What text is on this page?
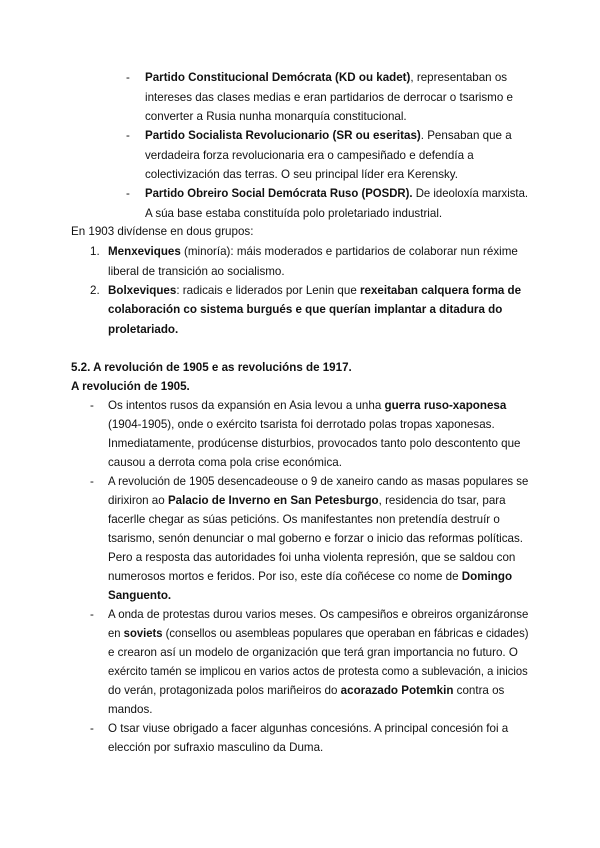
- Partido Constitucional Demócrata (KD ou kadet), representaban os
intereses das clases medias e eran partidarios de derrocar o tsarismo e
converter a Rusia nunha monarquía constitucional.
- Partido Socialista Revolucionario (SR ou eseritas). Pensaban que a
verdadeira forza revolucionaria era o campesiñado e defendía a
colectivización das terras. O seu principal líder era Kerensky.
- Partido Obreiro Social Demócrata Ruso (POSDR). De ideoloxía marxista.
A súa base estaba constituída polo proletariado industrial.
En 1903 divídense en dous grupos:
1. Menxeviques (minoría): máis moderados e partidarios de colaborar nun réxime
liberal de transición ao socialismo.
2. Bolxeviques: radicais e liderados por Lenin que rexeitaban calquera forma de
colaboración co sistema burgués e que querían implantar a ditadura do
proletariado.
5.2. A revolución de 1905 e as revolucións de 1917.
A revolución de 1905.
- Os intentos rusos da expansión en Asia levou a unha guerra ruso-xaponesa
(1904-1905), onde o exército tsarista foi derrotado polas tropas xaponesas.
Inmediatamente, prodúcense disturbios, provocados tanto polo descontento que
causou a derrota coma pola crise económica.
- A revolución de 1905 desencadeouse o 9 de xaneiro cando as masas populares se
dirixiron ao Palacio de Inverno en San Petesburgo, residencia do tsar, para
facerlle chegar as súas peticións. Os manifestantes non pretendía destruír o
tsarismo, senón denunciar o mal goberno e forzar o inicio das reformas políticas.
Pero a resposta das autoridades foi unha violenta represión, que se saldou con
numerosos mortos e feridos. Por iso, este día coñécese co nome de Domingo
Sanguento.
- A onda de protestas durou varios meses. Os campesiños e obreiros organizáronse
en soviets (consellos ou asembleas populares que operaban en fábricas e cidades)
e crearon así un modelo de organización que terá gran importancia no futuro. O
exército tamén se implicou en varios actos de protesta como a sublevación, a inicios
do verán, protagonizada polos mariñeiros do acorazado Potemkin contra os
mandos.
- O tsar viuse obrigado a facer algunhas concesións. A principal concesión foi a
elección por sufraxio masculino da Duma.
